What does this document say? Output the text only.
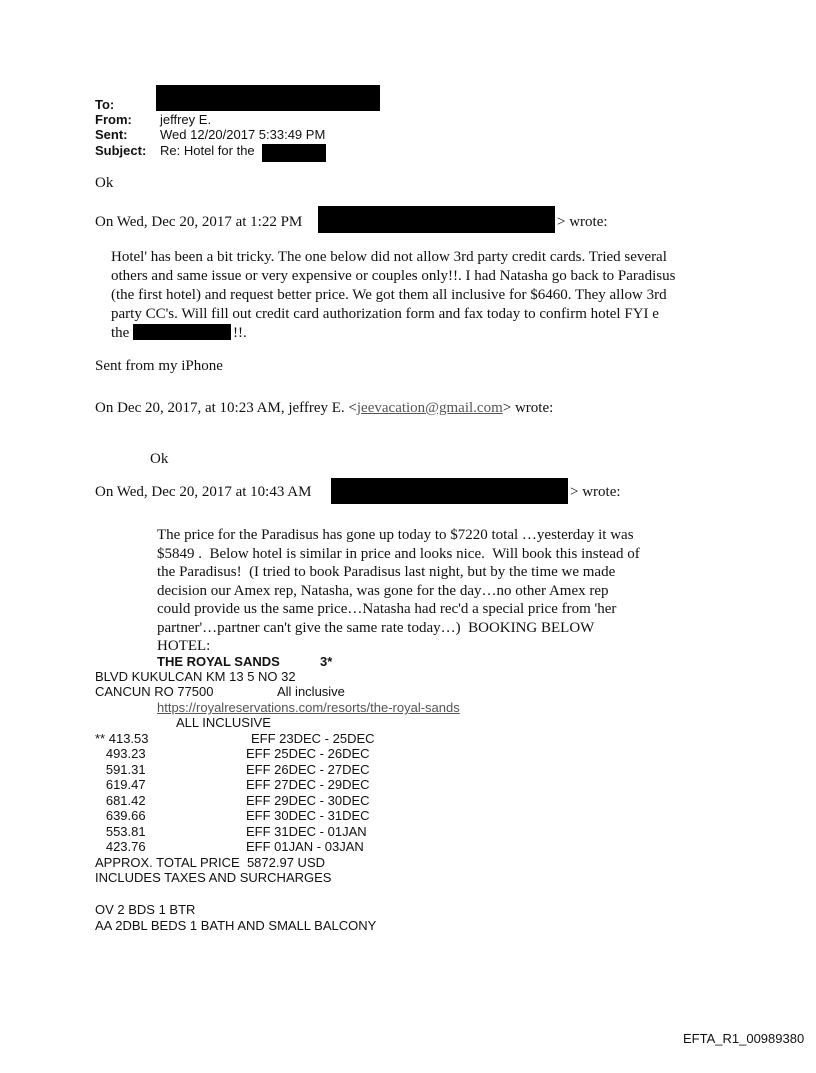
To:
From: jeffrey E.
Sent:	Wed 12/20/2017 5:33:49 PM
Subject: Re: Hotel for the
Ok
On Wed, Dec 20, 2017 at 1:22 PM	> wrote:
Hotel' has been a bit tricky. The one below did not allow 3rd party credit cards. Tried several
others and same issue or very expensive or couples only!!. I had Natasha go back to Paradisus
(the first hotel) and request better price. We got them all inclusive for $6460. They allow 3rd
party CC's. Will fill out credit card authorization form and fax today to confirm hotel FYI e
the	!!.
Sent from my iPhone
On Dec 20, 2017, at 10:23 AM, jeffrey E. <jeevacation@gmail.com> wrote:
Ok
On Wed, Dec 20, 2017 at 10:43 AM	> wrote:
The price for the Paradisus has gone up today to $7220 total …yesterday it was
$5849 .  Below hotel is similar in price and looks nice.  Will book this instead of
the Paradisus!  (I tried to book Paradisus last night, but by the time we made
decision our Amex rep, Natasha, was gone for the day…no other Amex rep
could provide us the same price…Natasha had rec'd a special price from 'her
partner'…partner can't give the same rate today…)  BOOKING BELOW
HOTEL:
THE ROYAL SANDS	3*
BLVD KUKULCAN KM 13 5 NO 32
CANCUN RO 77500	All inclusive
https://royalreservations.com/resorts/the-royal-sands
ALL INCLUSIVE
** 413.53	EFF 23DEC - 25DEC
493.23	EFF 25DEC - 26DEC
591.31	EFF 26DEC - 27DEC
619.47	EFF 27DEC - 29DEC
681.42	EFF 29DEC - 30DEC
639.66	EFF 30DEC - 31DEC
553.81	EFF 31DEC - 01JAN
423.76	EFF 01JAN - 03JAN
APPROX. TOTAL PRICE  5872.97 USD
INCLUDES TAXES AND SURCHARGES
OV 2 BDS 1 BTR
AA 2DBL BEDS 1 BATH AND SMALL BALCONY
EFTA_R1_00989380
